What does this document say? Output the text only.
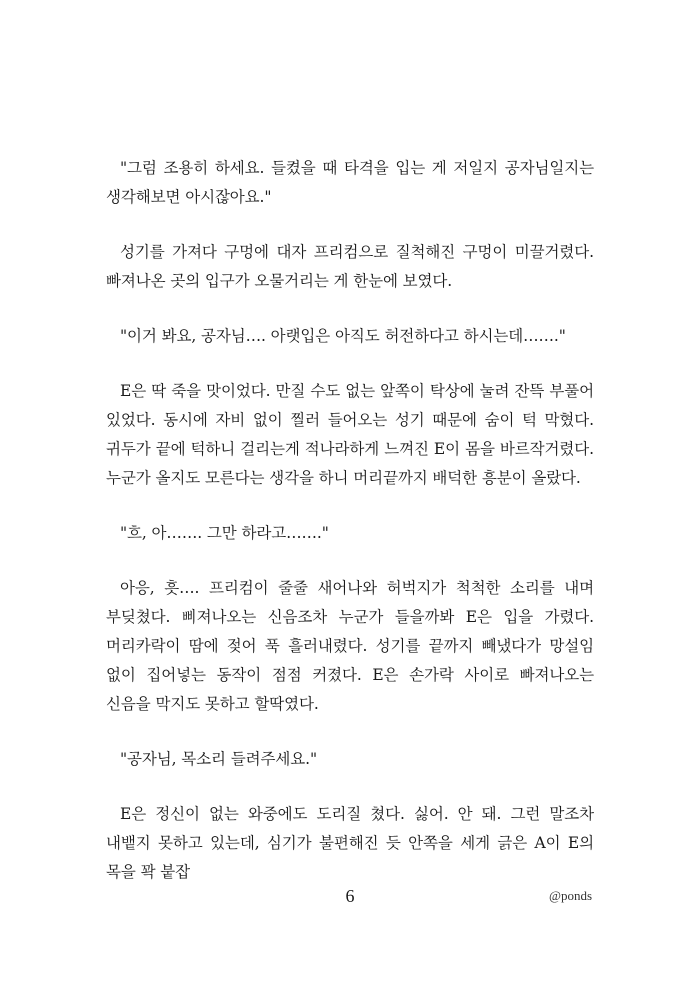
"그럼 조용히 하세요. 들켰을 때 타격을 입는 게 저일지 공자님일지는 생각해보면 아시잖아요."

성기를 가져다 구멍에 대자 프리컴으로 질척해진 구멍이 미끌거렸다. 빠져나온 곳의 입구가 오물거리는 게 한눈에 보였다.

"이거 봐요, 공자님…. 아랫입은 아직도 허전하다고 하시는데……."

E은 딱 죽을 맛이었다. 만질 수도 없는 앞쪽이 탁상에 눌려 잔뜩 부풀어 있었다. 동시에 자비 없이 찔러 들어오는 성기 때문에 숨이 턱 막혔다. 귀두가 끝에 턱하니 걸리는게 적나라하게 느껴진 E이 몸을 바르작거렸다. 누군가 올지도 모른다는 생각을 하니 머리끝까지 배덕한 흥분이 올랐다.

"흐, 아……. 그만 하라고……."

아응, 흣…. 프리컴이 줄줄 새어나와 허벅지가 척척한 소리를 내며 부딪쳤다. 삐져나오는 신음조차 누군가 들을까봐 E은 입을 가렸다. 머리카락이 땀에 젖어 푹 흘러내렸다. 성기를 끝까지 빼냈다가 망설임 없이 집어넣는 동작이 점점 커졌다. E은 손가락 사이로 빠져나오는 신음을 막지도 못하고 할딱였다.

"공자님, 목소리 들려주세요."

E은 정신이 없는 와중에도 도리질 쳤다. 싫어. 안 돼. 그런 말조차 내뱉지 못하고 있는데, 심기가 불편해진 듯 안쪽을 세게 긁은 A이 E의 목을 꽉 붙잡

6	@ponds
